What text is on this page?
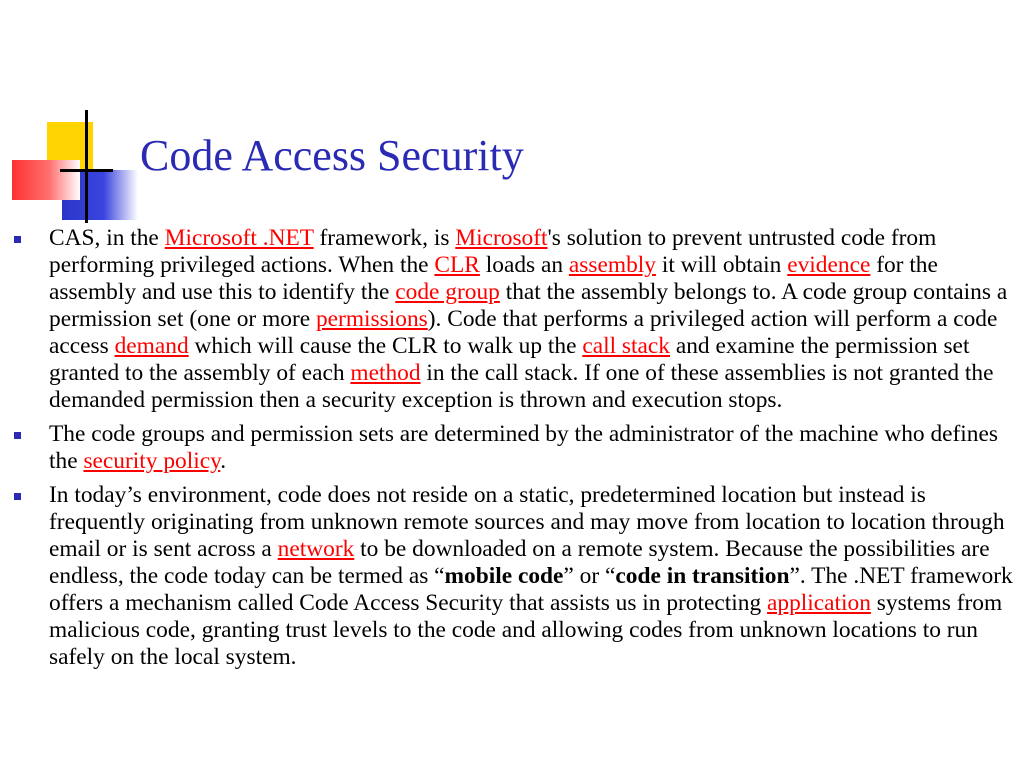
Code Access Security
CAS, in the Microsoft .NET framework, is Microsoft's solution to prevent untrusted code from performing privileged actions. When the CLR loads an assembly it will obtain evidence for the assembly and use this to identify the code group that the assembly belongs to. A code group contains a permission set (one or more permissions). Code that performs a privileged action will perform a code access demand which will cause the CLR to walk up the call stack and examine the permission set granted to the assembly of each method in the call stack. If one of these assemblies is not granted the demanded permission then a security exception is thrown and execution stops.
The code groups and permission sets are determined by the administrator of the machine who defines the security policy.
In today’s environment, code does not reside on a static, predetermined location but instead is frequently originating from unknown remote sources and may move from location to location through email or is sent across a network to be downloaded on a remote system. Because the possibilities are endless, the code today can be termed as “mobile code” or “code in transition”. The .NET framework offers a mechanism called Code Access Security that assists us in protecting application systems from malicious code, granting trust levels to the code and allowing codes from unknown locations to run safely on the local system.
